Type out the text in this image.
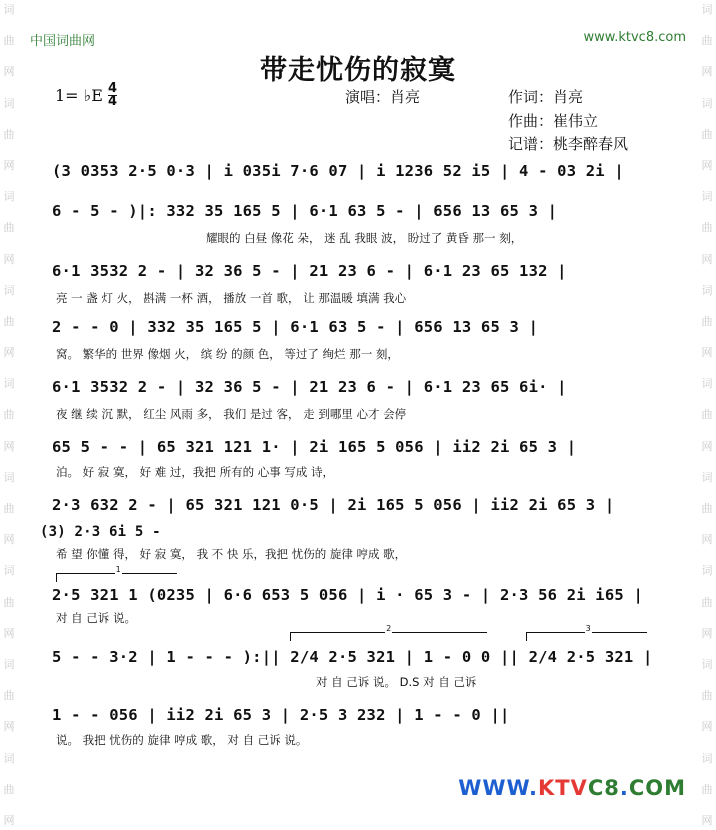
词
曲
网
词
曲
网
词
曲
网
词
曲
网
词
曲
网
词
曲
网
词
曲
网
词
曲
网
词
曲
网
词
曲
网
词
曲
网
词
曲
网
词
曲
网
词
曲
网
词
曲
网
词
曲
网
词
曲
网
词
曲
网
中国词曲网	www.ktvc8.com
带走忧伤的寂寞
1= ♭E $\frac{4}{4}$	演唱：肖亮	作词：肖亮
作曲：崔伟立
记谱：桃李醉春风
(3 0353 2·5 0·3 | i 035i 7·6 07 | i 1236 52 i5 | 4 - 03 2i |
6 - 5 - )|: 332 35 165 5 | 6·1 63 5 - | 656 13 65 3 |
耀眼的 白昼 像花 朵， 迷 乱 我眼 波， 盼过了 黄昏 那一 刻，
6·1 3532 2 - | 32 36 5 - | 21 23 6 - | 6·1 23 65 132 |
亮 一 盏 灯 火， 斟满 一杯 酒， 播放 一首 歌， 让 那温暖 填满 我心
2 - - 0 | 332 35 165 5 | 6·1 63 5 - | 656 13 65 3 |
窝。 繁华的 世界 像烟 火， 缤 纷 的颜 色， 等过了 绚烂 那一 刻，
6·1 3532 2 - | 32 36 5 - | 21 23 6 - | 6·1 23 65 6i· |
夜 继 续 沉 默， 红尘 风雨 多， 我们 是过 客， 走 到哪里 心才 会停
65 5 - - | 65 321 121 1· | 2i 165 5 056 | ii2 2i 65 3 |
泊。 好 寂 寞， 好 难 过，我把 所有的 心事 写成 诗，
2·3 632 2 - | 65 321 121 0·5 | 2i 165 5 056 | ii2 2i 65 3 |
(3) 2·3 6i 5 -
希 望 你懂 得， 好 寂 寞， 我 不 快 乐，我把 忧伤的 旋律 哼成 歌，
1
2·5 321 1 (0235 | 6·6 653 5 056 | i · 65 3 - | 2·3 56 2i i65 |
对 自 己诉 说。
2	3
5 - - 3·2 | 1 - - - ):|| 2/4 2·5 321 | 1 - 0 0 || 2/4 2·5 321 |
对 自 己诉 说。 D.S 对 自 己诉
1 - - 056 | ii2 2i 65 3 | 2·5 3 232 | 1 - - 0 ||
说。 我把 忧伤的 旋律 哼成 歌， 对 自 己诉 说。
WWW.KTVC8.COM
